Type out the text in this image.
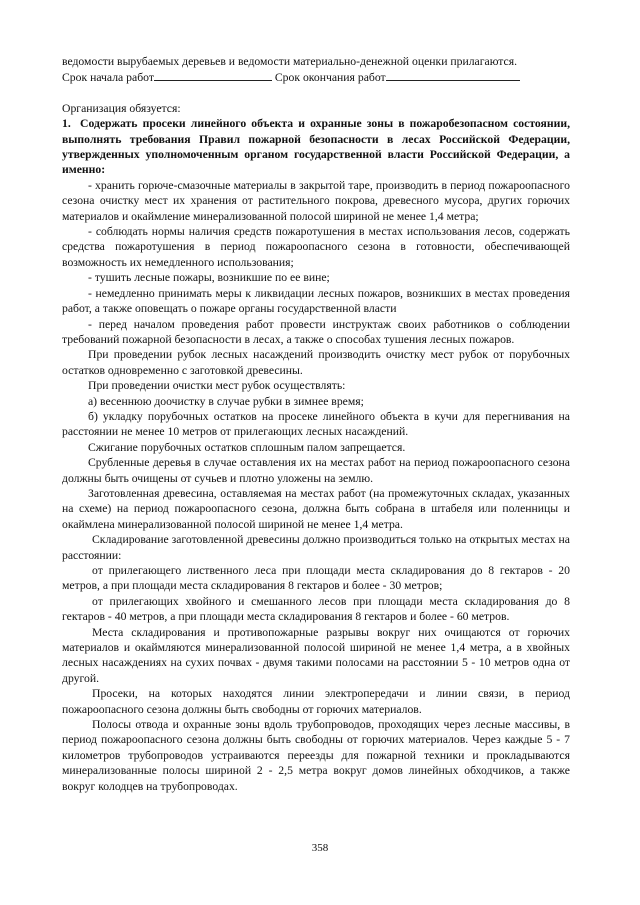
ведомости вырубаемых деревьев и ведомости материально-денежной оценки прилагаются.

Срок начала работ	Срок окончания работ

Организация обязуется:

1. Содержать просеки линейного объекта и охранные зоны в пожаробезопасном состоянии, выполнять требования Правил пожарной безопасности в лесах Российской Федерации, утвержденных уполномоченным органом государственной власти Российской Федерации, а именно:

- хранить горюче-смазочные материалы в закрытой таре, производить в период пожароопасного сезона очистку мест их хранения от растительного покрова, древесного мусора, других горючих материалов и окаймление минерализованной полосой шириной не менее 1,4 метра;

- соблюдать нормы наличия средств пожаротушения в местах использования лесов, содержать средства пожаротушения в период пожароопасного сезона в готовности, обеспечивающей возможность их немедленного использования;

- тушить лесные пожары, возникшие по ее вине;

- немедленно принимать меры к ликвидации лесных пожаров, возникших в местах проведения работ, а также оповещать о пожаре органы государственной власти

- перед началом проведения работ провести инструктаж своих работников о соблюдении требований пожарной безопасности в лесах, а также о способах тушения лесных пожаров.

При проведении рубок лесных насаждений производить очистку мест рубок от порубочных остатков одновременно с заготовкой древесины.

При проведении очистки мест рубок осуществлять:

а) весеннюю доочистку в случае рубки в зимнее время;

б) укладку порубочных остатков на просеке линейного объекта в кучи для перегнивания на расстоянии не менее 10 метров от прилегающих лесных насаждений.

Сжигание порубочных остатков сплошным палом запрещается.

Срубленные деревья в случае оставления их на местах работ на период пожароопасного сезона должны быть очищены от сучьев и плотно уложены на землю.

Заготовленная древесина, оставляемая на местах работ (на промежуточных складах, указанных на схеме) на период пожароопасного сезона, должна быть собрана в штабеля или поленницы и окаймлена минерализованной полосой шириной не менее 1,4 метра.

Складирование заготовленной древесины должно производиться только на открытых местах на расстоянии:

от прилегающего лиственного леса при площади места складирования до 8 гектаров - 20 метров, а при площади места складирования 8 гектаров и более - 30 метров;

от прилегающих хвойного и смешанного лесов при площади места складирования до 8 гектаров - 40 метров, а при площади места складирования 8 гектаров и более - 60 метров.

Места складирования и противопожарные разрывы вокруг них очищаются от горючих материалов и окаймляются минерализованной полосой шириной не менее 1,4 метра, а в хвойных лесных насаждениях на сухих почвах - двумя такими полосами на расстоянии 5 - 10 метров одна от другой.

Просеки, на которых находятся линии электропередачи и линии связи, в период пожароопасного сезона должны быть свободны от горючих материалов.

Полосы отвода и охранные зоны вдоль трубопроводов, проходящих через лесные массивы, в период пожароопасного сезона должны быть свободны от горючих материалов. Через каждые 5 - 7 километров трубопроводов устраиваются переезды для пожарной техники и прокладываются минерализованные полосы шириной 2 - 2,5 метра вокруг домов линейных обходчиков, а также вокруг колодцев на трубопроводах.

358
